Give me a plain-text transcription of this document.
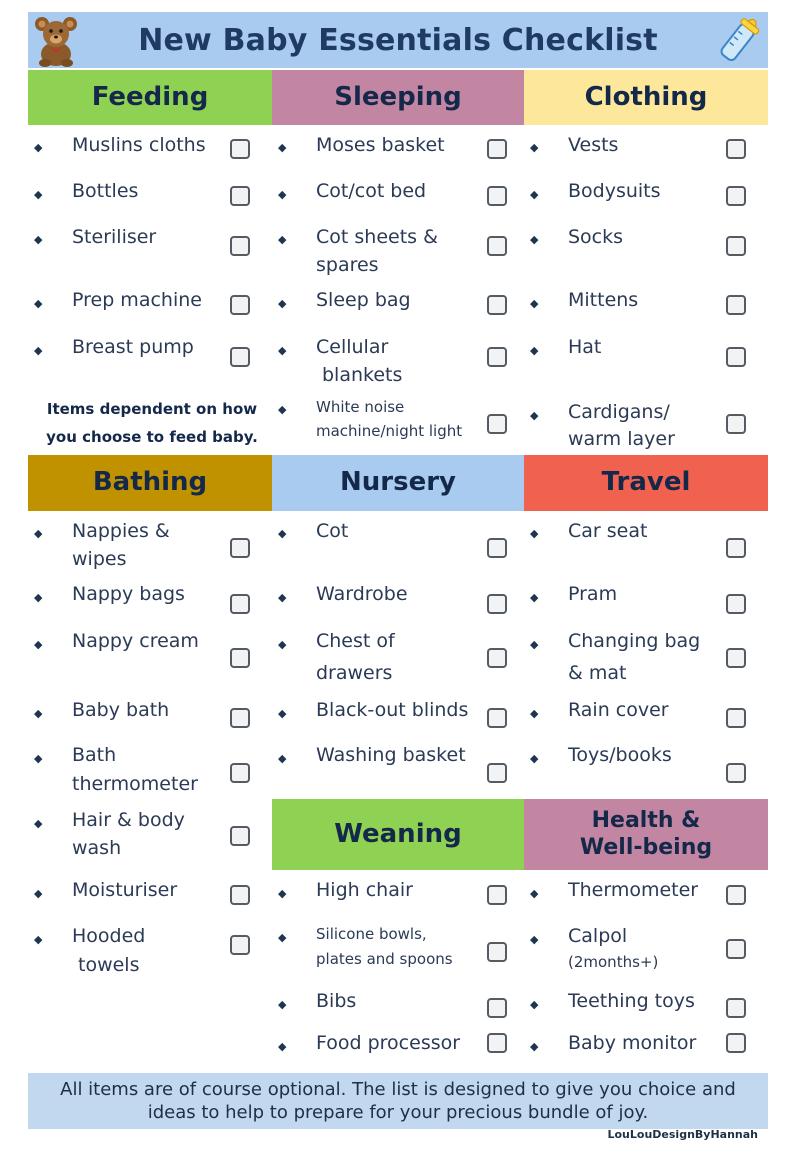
New Baby Essentials Checklist
Feeding	Sleeping	Clothing
◆ Muslins cloths
◆ Bottles
◆ Steriliser
◆ Prep machine
◆ Breast pump
Items dependent on how
you choose to feed baby.
◆ Moses basket
◆ Cot/cot bed
◆ Cot sheets &
spares
◆ Sleep bag
◆ Cellular
blankets
◆ White noise
machine/night light
◆ Vests
◆ Bodysuits
◆ Socks
◆ Mittens
◆ Hat
◆ Cardigans/
warm layer
Bathing	Nursery	Travel
◆ Nappies &
wipes
◆ Nappy bags
◆ Nappy cream
◆ Baby bath
◆ Bath
thermometer
◆ Hair & body
wash
◆ Moisturiser
◆ Hooded
towels
◆ Cot
◆ Wardrobe
◆ Chest of
drawers
◆ Black-out blinds
◆ Washing basket
◆ Car seat
◆ Pram
◆ Changing bag
& mat
◆ Rain cover
◆ Toys/books
Weaning	Health &
Well-being
◆ High chair
◆ Silicone bowls,
plates and spoons
◆ Bibs
◆ Food processor
◆ Thermometer
◆ Calpol
(2months+)
◆ Teething toys
◆ Baby monitor

All items are of course optional. The list is designed to give you choice and ideas to help to prepare for your precious bundle of joy.

LouLouDesignByHannah
